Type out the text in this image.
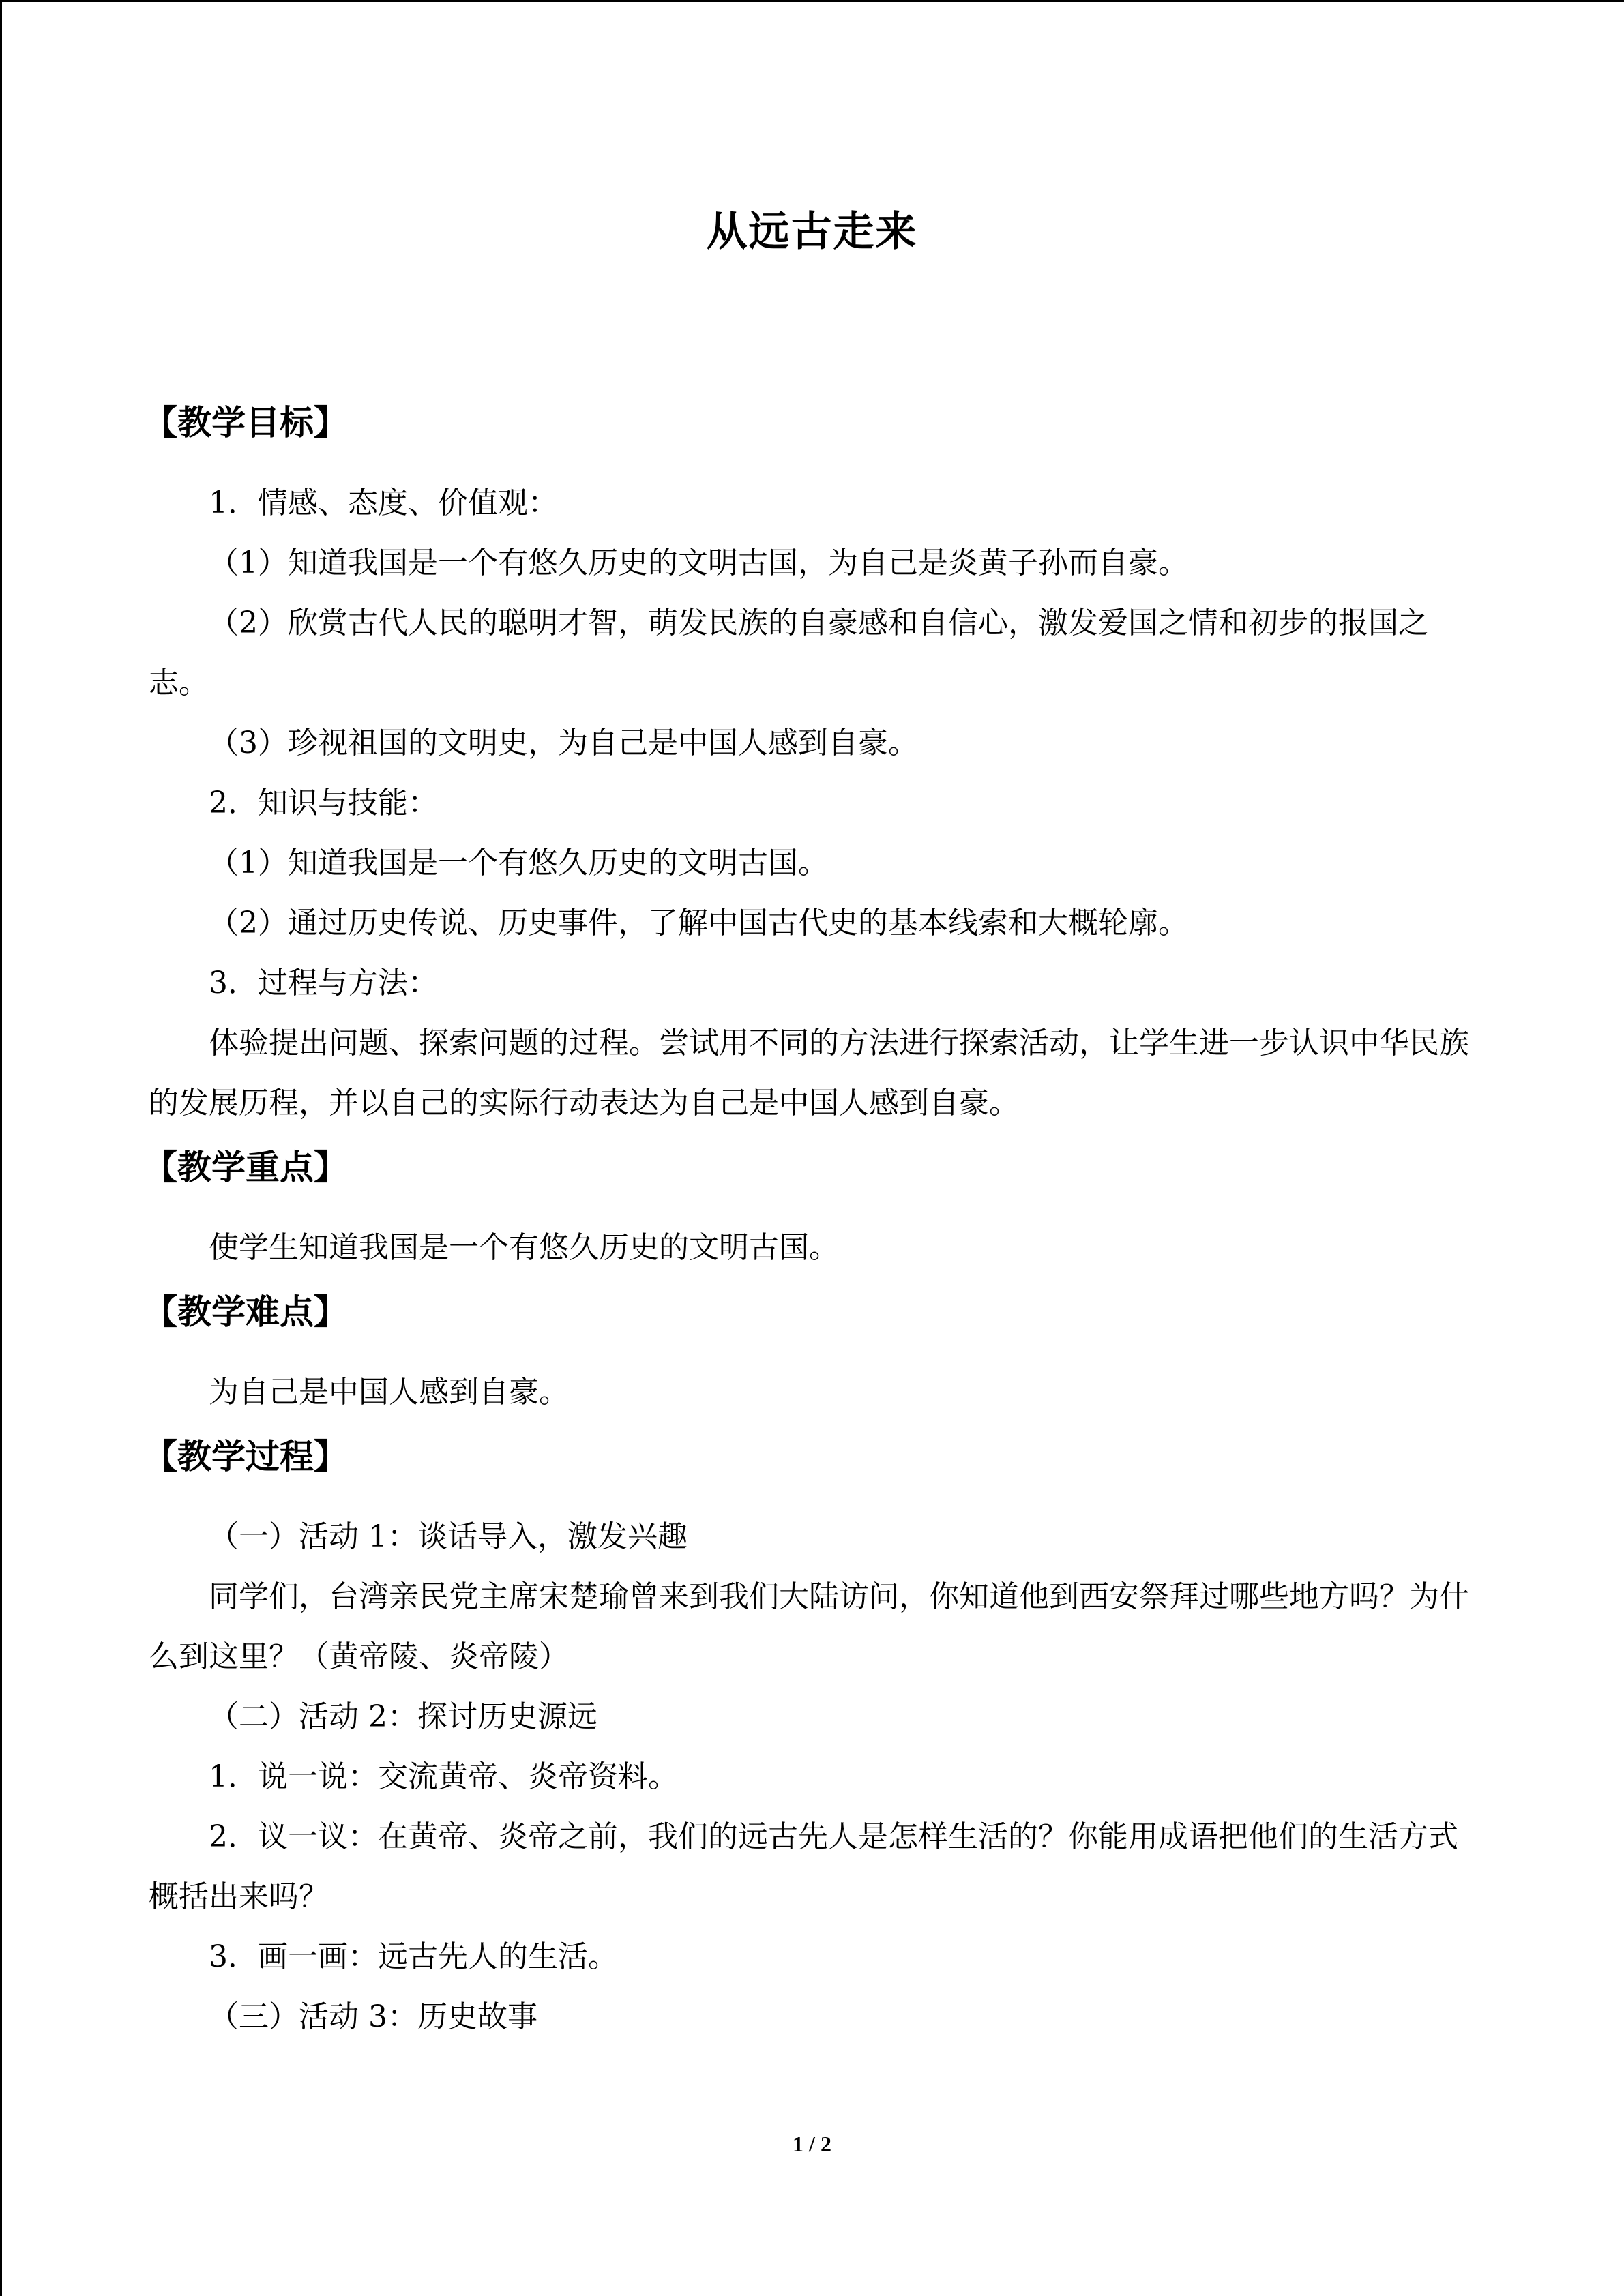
从远古走来
【教学目标】

1．情感、态度、价值观：

（1）知道我国是一个有悠久历史的文明古国，为自己是炎黄子孙而自豪。

（2）欣赏古代人民的聪明才智，萌发民族的自豪感和自信心，激发爱国之情和初步的报国之志。

（3）珍视祖国的文明史，为自己是中国人感到自豪。

2．知识与技能：

（1）知道我国是一个有悠久历史的文明古国。

（2）通过历史传说、历史事件，了解中国古代史的基本线索和大概轮廓。

3．过程与方法：

体验提出问题、探索问题的过程。尝试用不同的方法进行探索活动，让学生进一步认识中华民族的发展历程，并以自己的实际行动表达为自己是中国人感到自豪。

【教学重点】

使学生知道我国是一个有悠久历史的文明古国。

【教学难点】

为自己是中国人感到自豪。

【教学过程】

（一）活动 1：谈话导入，激发兴趣

同学们，台湾亲民党主席宋楚瑜曾来到我们大陆访问，你知道他到西安祭拜过哪些地方吗？为什么到这里？（黄帝陵、炎帝陵）

（二）活动 2：探讨历史源远

1．说一说：交流黄帝、炎帝资料。

2．议一议：在黄帝、炎帝之前，我们的远古先人是怎样生活的？你能用成语把他们的生活方式概括出来吗？

3．画一画：远古先人的生活。

（三）活动 3：历史故事

1 / 2
